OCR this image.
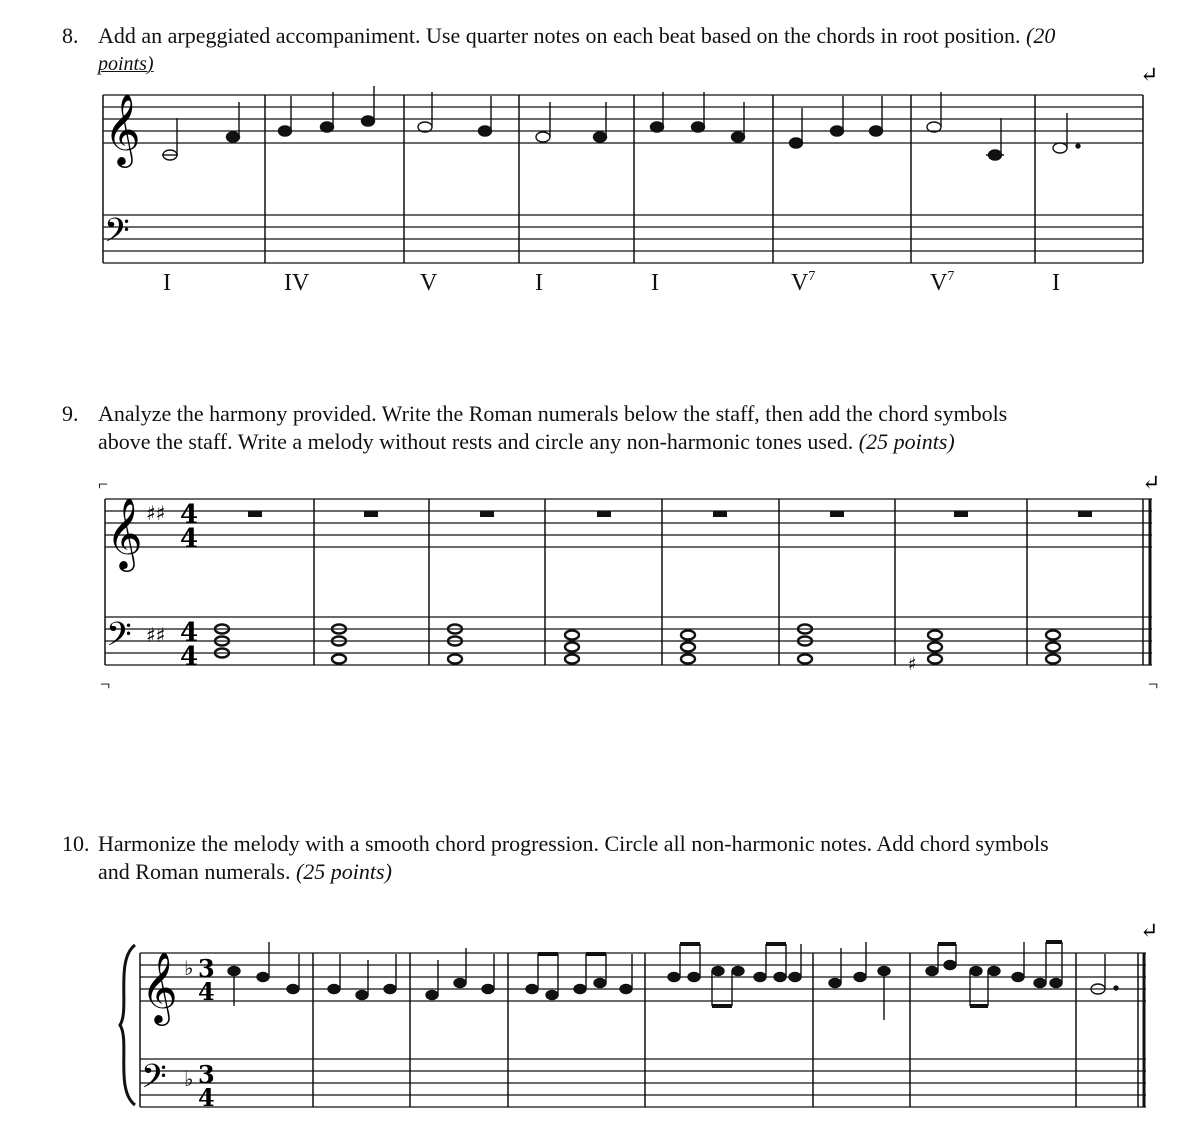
8. Add an arpeggiated accompaniment. Use quarter notes on each beat based on the chords in root position. (20
points)
𝄞
𝄢
↵
I	IV	V	I	I	$V^7$	$V^7$	I
9. Analyze the harmony provided. Write the Roman numerals below the staff, then add the chord symbols
above the staff. Write a melody without rests and circle any non-harmonic tones used. (25 points)
⌐	↵
𝄞 ♯♯ 4
4
𝄢 ♯♯ 4
4	♯
¬	¬
10. Harmonize the melody with a smooth chord progression. Circle all non-harmonic notes. Add chord symbols
and Roman numerals. (25 points)
↵
𝄞 ♭ 3
4
𝄢 ♭ 3
4
